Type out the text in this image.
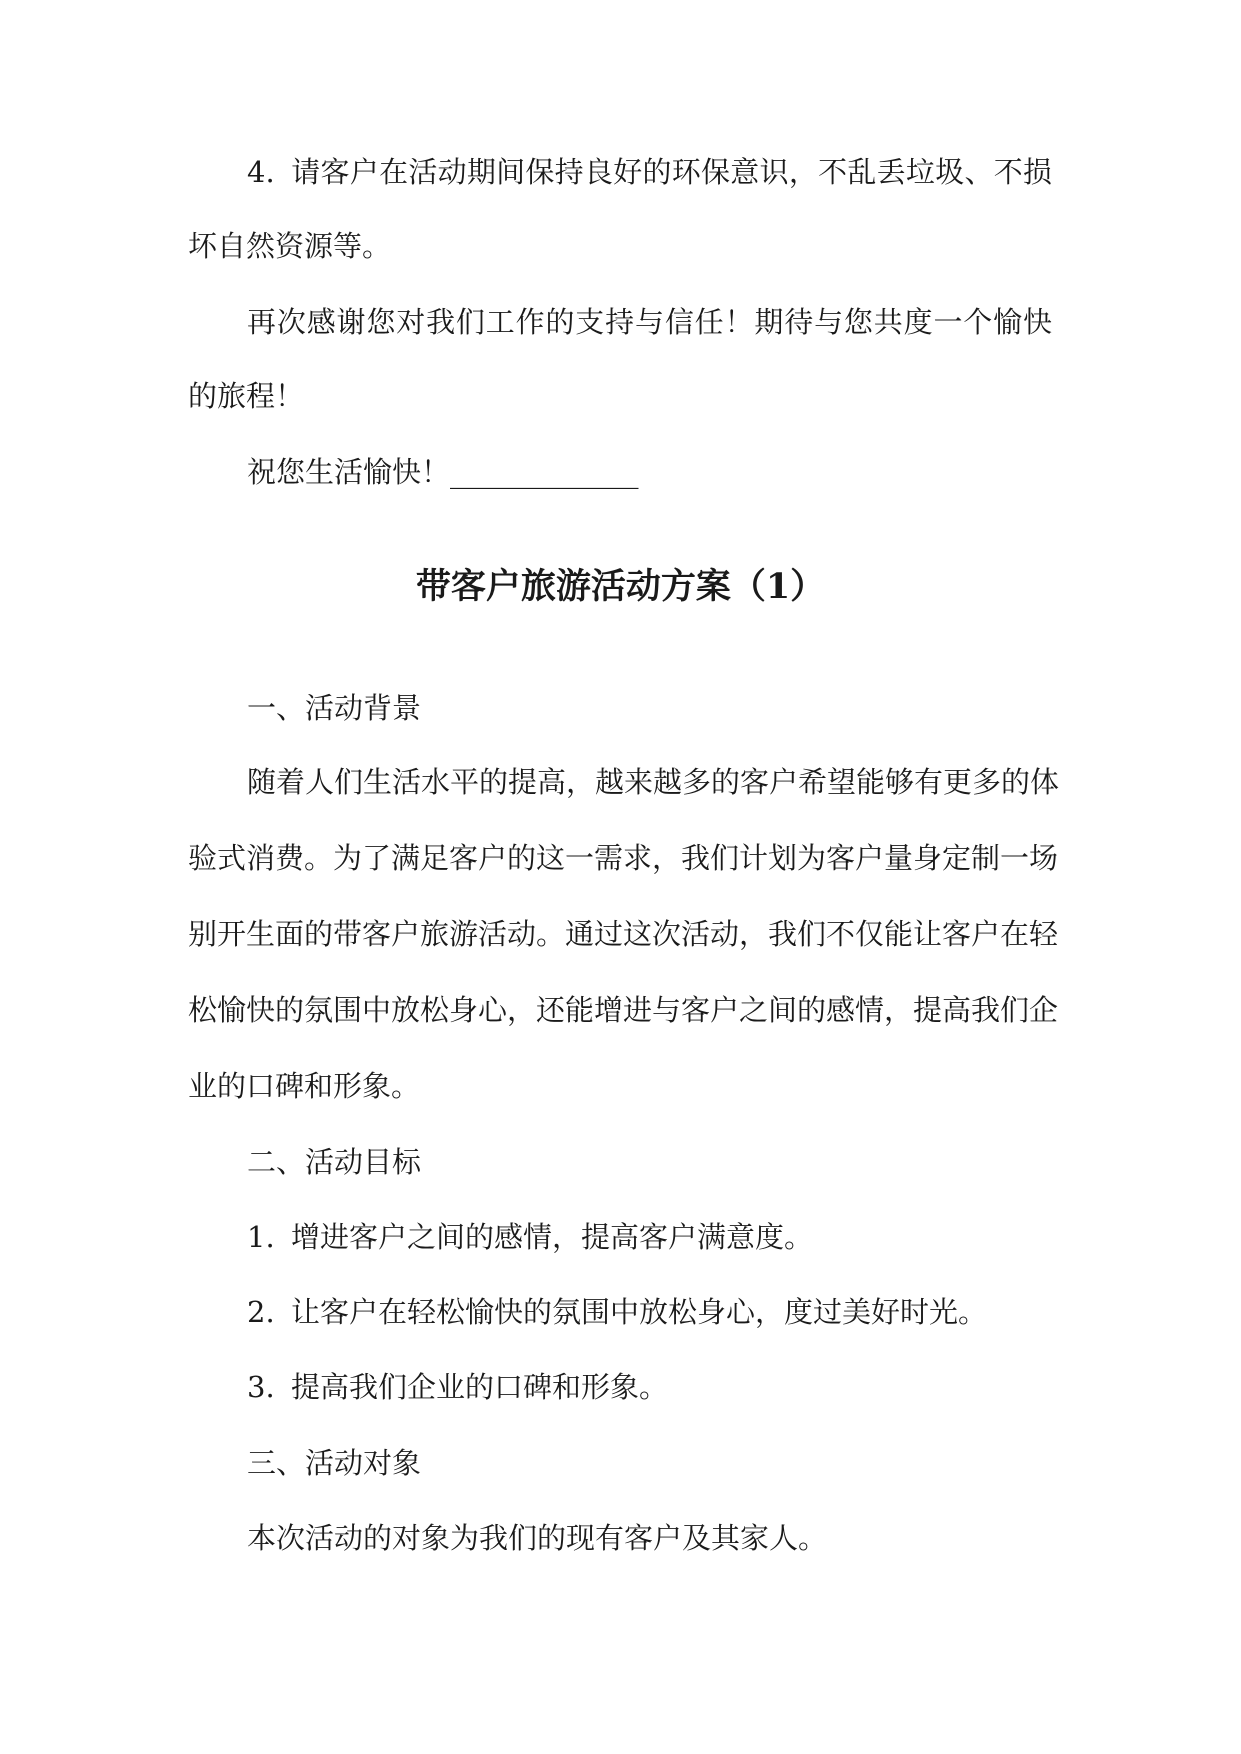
4. 请客户在活动期间保持良好的环保意识，不乱丢垃圾、不损
坏自然资源等。
再次感谢您对我们工作的支持与信任！期待与您共度一个愉快
的旅程！
祝您生活愉快！_____________
带客户旅游活动方案（1）
一、活动背景
随着人们生活水平的提高，越来越多的客户希望能够有更多的体
验式消费。为了满足客户的这一需求，我们计划为客户量身定制一场
别开生面的带客户旅游活动。通过这次活动，我们不仅能让客户在轻
松愉快的氛围中放松身心，还能增进与客户之间的感情，提高我们企
业的口碑和形象。
二、活动目标
1. 增进客户之间的感情，提高客户满意度。
2. 让客户在轻松愉快的氛围中放松身心，度过美好时光。
3. 提高我们企业的口碑和形象。
三、活动对象
本次活动的对象为我们的现有客户及其家人。
